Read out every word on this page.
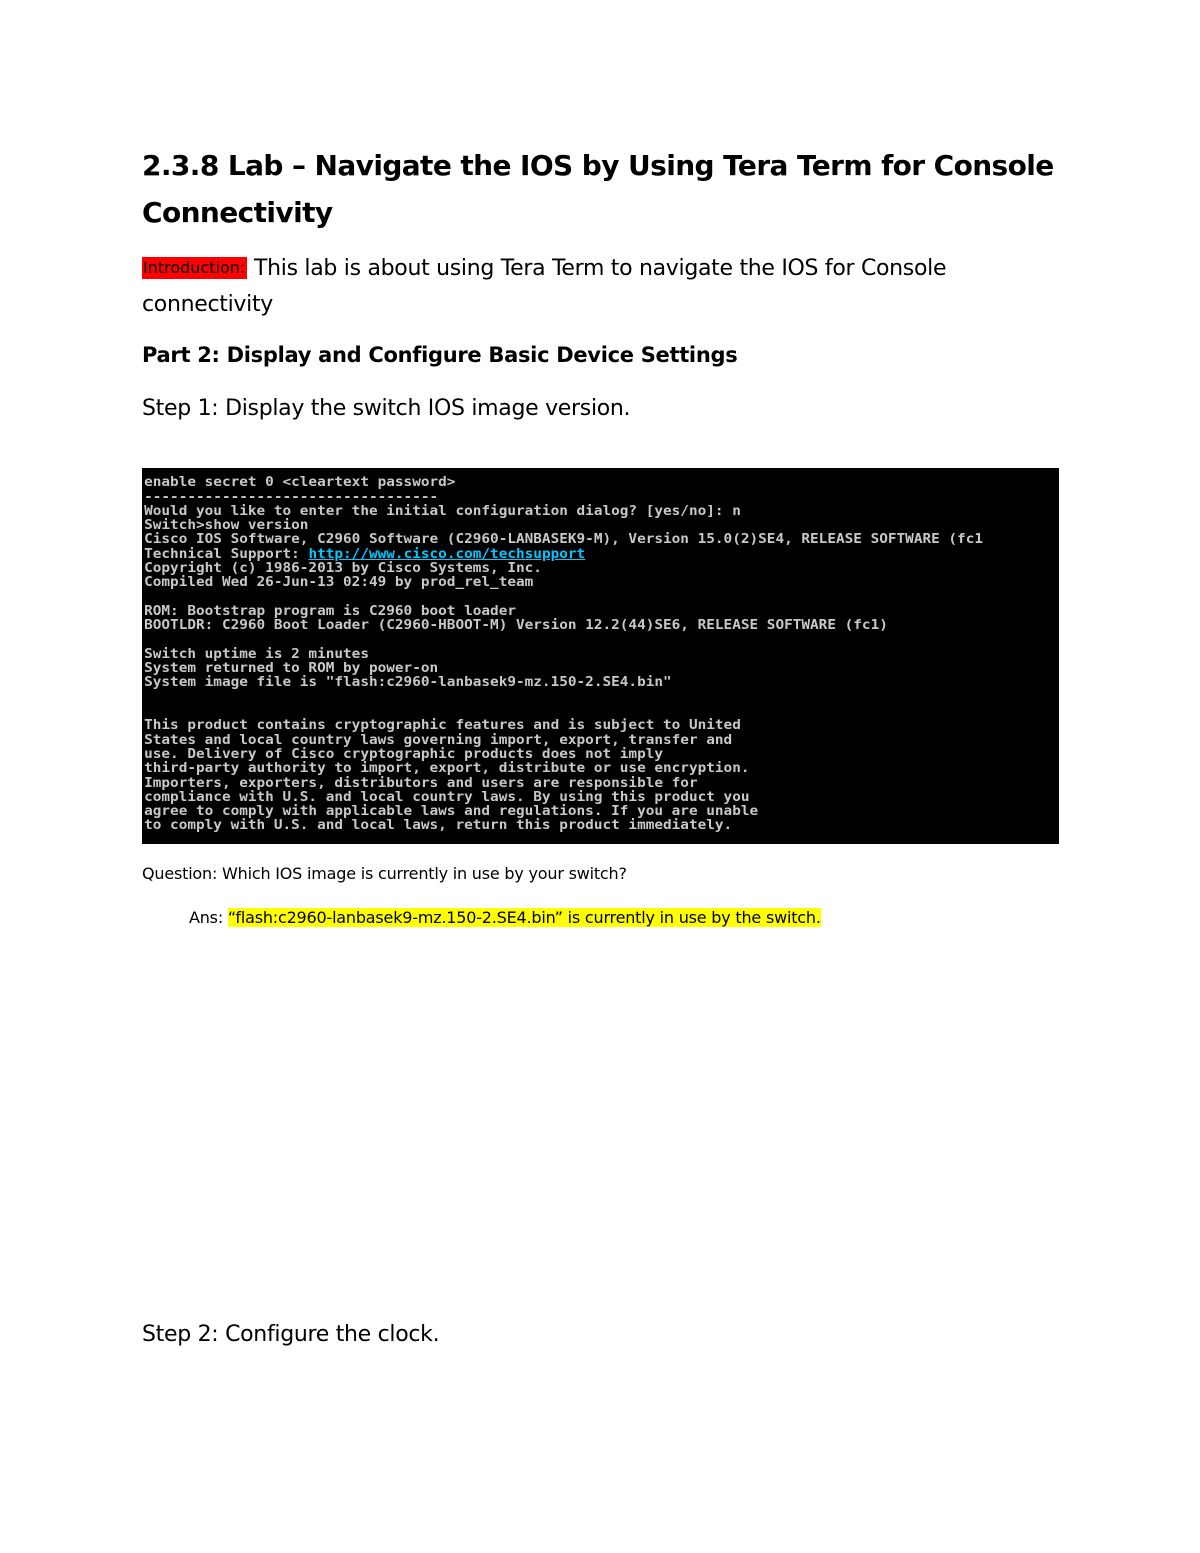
2.3.8 Lab – Navigate the IOS by Using Tera Term for Console Connectivity

Introduction: This lab is about using Tera Term to navigate the IOS for Console connectivity

Part 2: Display and Configure Basic Device Settings

Step 1: Display the switch IOS image version.

enable secret 0 <cleartext password>
----------------------------------
Would you like to enter the initial configuration dialog? [yes/no]: n
Switch>show version
Cisco IOS Software, C2960 Software (C2960-LANBASEK9-M), Version 15.0(2)SE4, RELEASE SOFTWARE (fc1
Technical Support: http://www.cisco.com/techsupport
Copyright (c) 1986-2013 by Cisco Systems, Inc.
Compiled Wed 26-Jun-13 02:49 by prod_rel_team

ROM: Bootstrap program is C2960 boot loader
BOOTLDR: C2960 Boot Loader (C2960-HBOOT-M) Version 12.2(44)SE6, RELEASE SOFTWARE (fc1)

Switch uptime is 2 minutes
System returned to ROM by power-on
System image file is "flash:c2960-lanbasek9-mz.150-2.SE4.bin"

This product contains cryptographic features and is subject to United
States and local country laws governing import, export, transfer and
use. Delivery of Cisco cryptographic products does not imply
third-party authority to import, export, distribute or use encryption.
Importers, exporters, distributors and users are responsible for
compliance with U.S. and local country laws. By using this product you
agree to comply with applicable laws and regulations. If you are unable
to comply with U.S. and local laws, return this product immediately.

Question: Which IOS image is currently in use by your switch?

Ans: “flash:c2960-lanbasek9-mz.150-2.SE4.bin” is currently in use by the switch.

Step 2: Configure the clock.
